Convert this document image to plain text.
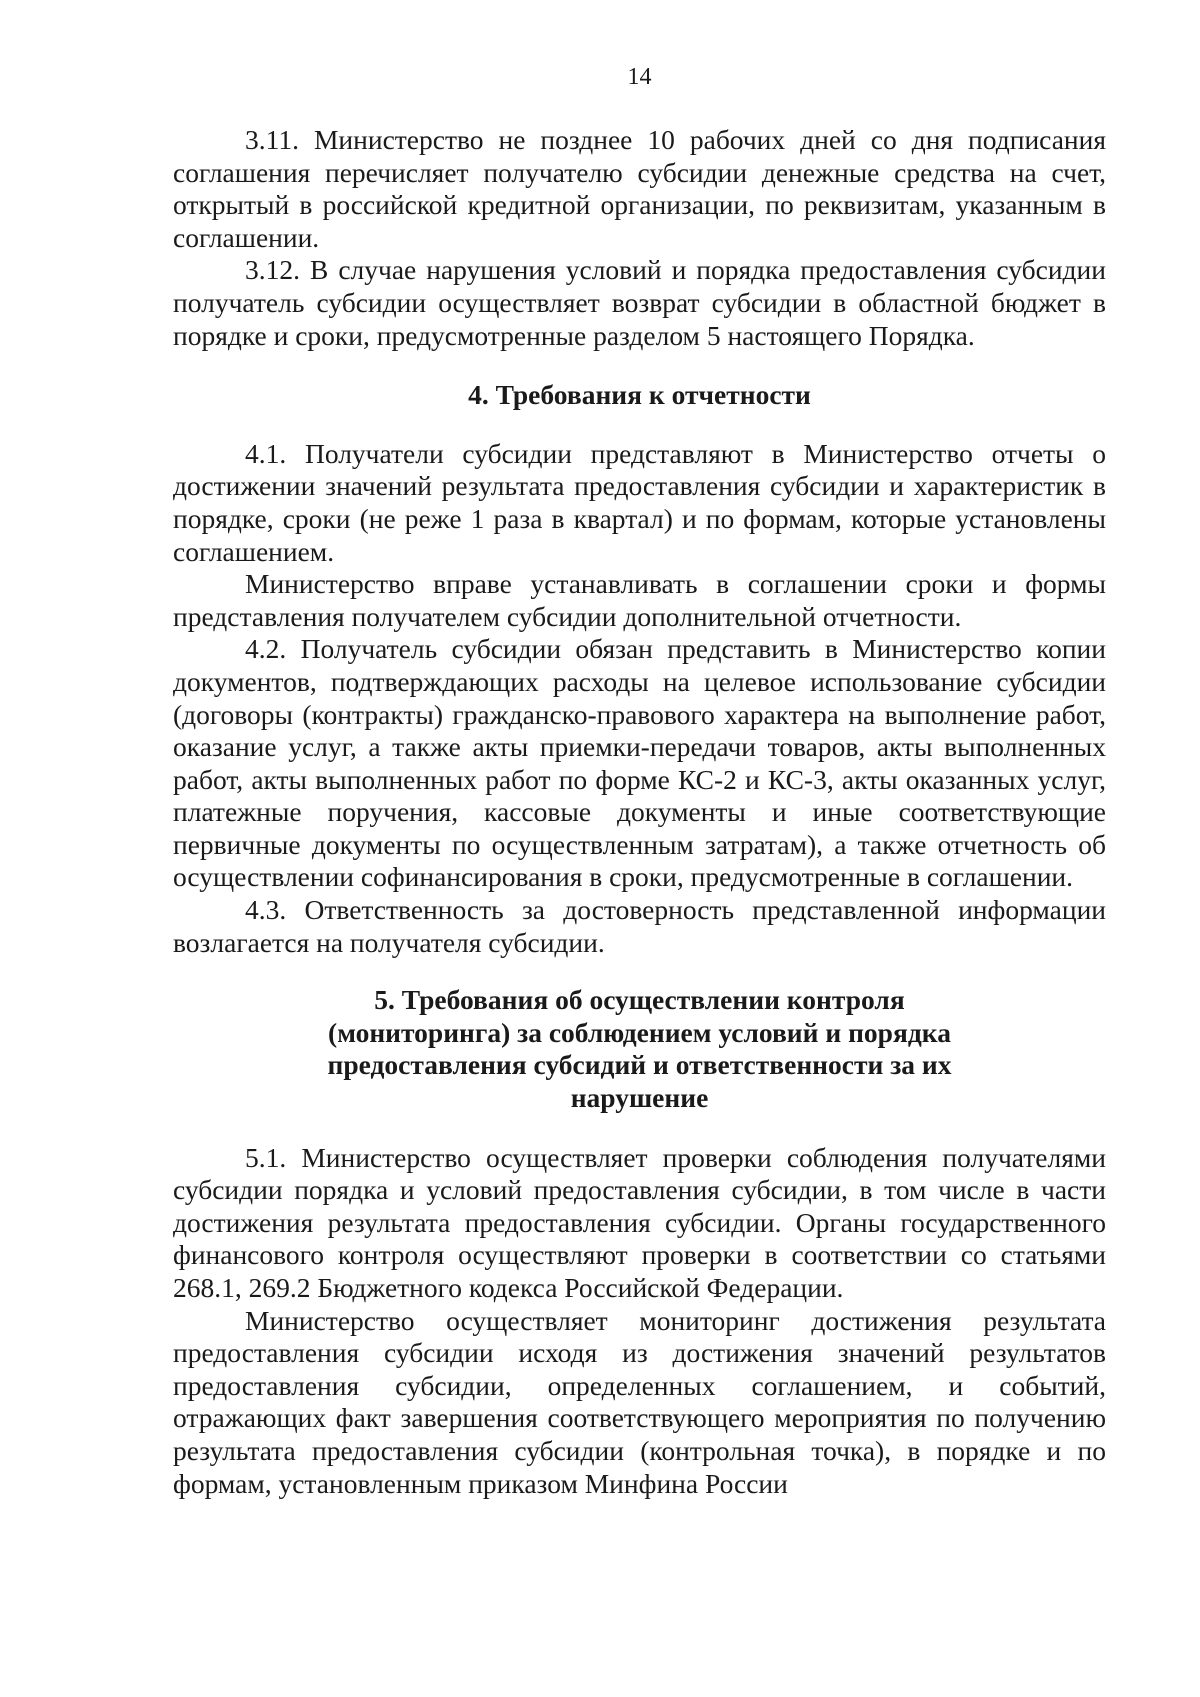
14

3.11. Министерство не позднее 10 рабочих дней со дня подписания соглашения перечисляет получателю субсидии денежные средства на счет, открытый в российской кредитной организации, по реквизитам, указанным в соглашении.

3.12. В случае нарушения условий и порядка предоставления субсидии получатель субсидии осуществляет возврат субсидии в областной бюджет в порядке и сроки, предусмотренные разделом 5 настоящего Порядка.

4. Требования к отчетности

4.1. Получатели субсидии представляют в Министерство отчеты о достижении значений результата предоставления субсидии и характеристик в порядке, сроки (не реже 1 раза в квартал) и по формам, которые установлены соглашением.

Министерство вправе устанавливать в соглашении сроки и формы представления получателем субсидии дополнительной отчетности.

4.2. Получатель субсидии обязан представить в Министерство копии документов, подтверждающих расходы на целевое использование субсидии (договоры (контракты) гражданско-правового характера на выполнение работ, оказание услуг, а также акты приемки-передачи товаров, акты выполненных работ, акты выполненных работ по форме КС-2 и КС-3, акты оказанных услуг, платежные поручения, кассовые документы и иные соответствующие первичные документы по осуществленным затратам), а также отчетность об осуществлении софинансирования в сроки, предусмотренные в соглашении.

4.3. Ответственность за достоверность представленной информации возлагается на получателя субсидии.

5. Требования об осуществлении контроля
(мониторинга) за соблюдением условий и порядка
предоставления субсидий и ответственности за их
нарушение

5.1. Министерство осуществляет проверки соблюдения получателями субсидии порядка и условий предоставления субсидии, в том числе в части достижения результата предоставления субсидии. Органы государственного финансового контроля осуществляют проверки в соответствии со статьями 268.1, 269.2 Бюджетного кодекса Российской Федерации.

Министерство осуществляет мониторинг достижения результата предоставления субсидии исходя из достижения значений результатов предоставления субсидии, определенных соглашением, и событий, отражающих факт завершения соответствующего мероприятия по получению результата предоставления субсидии (контрольная точка), в порядке и по формам, установленным приказом Минфина России
